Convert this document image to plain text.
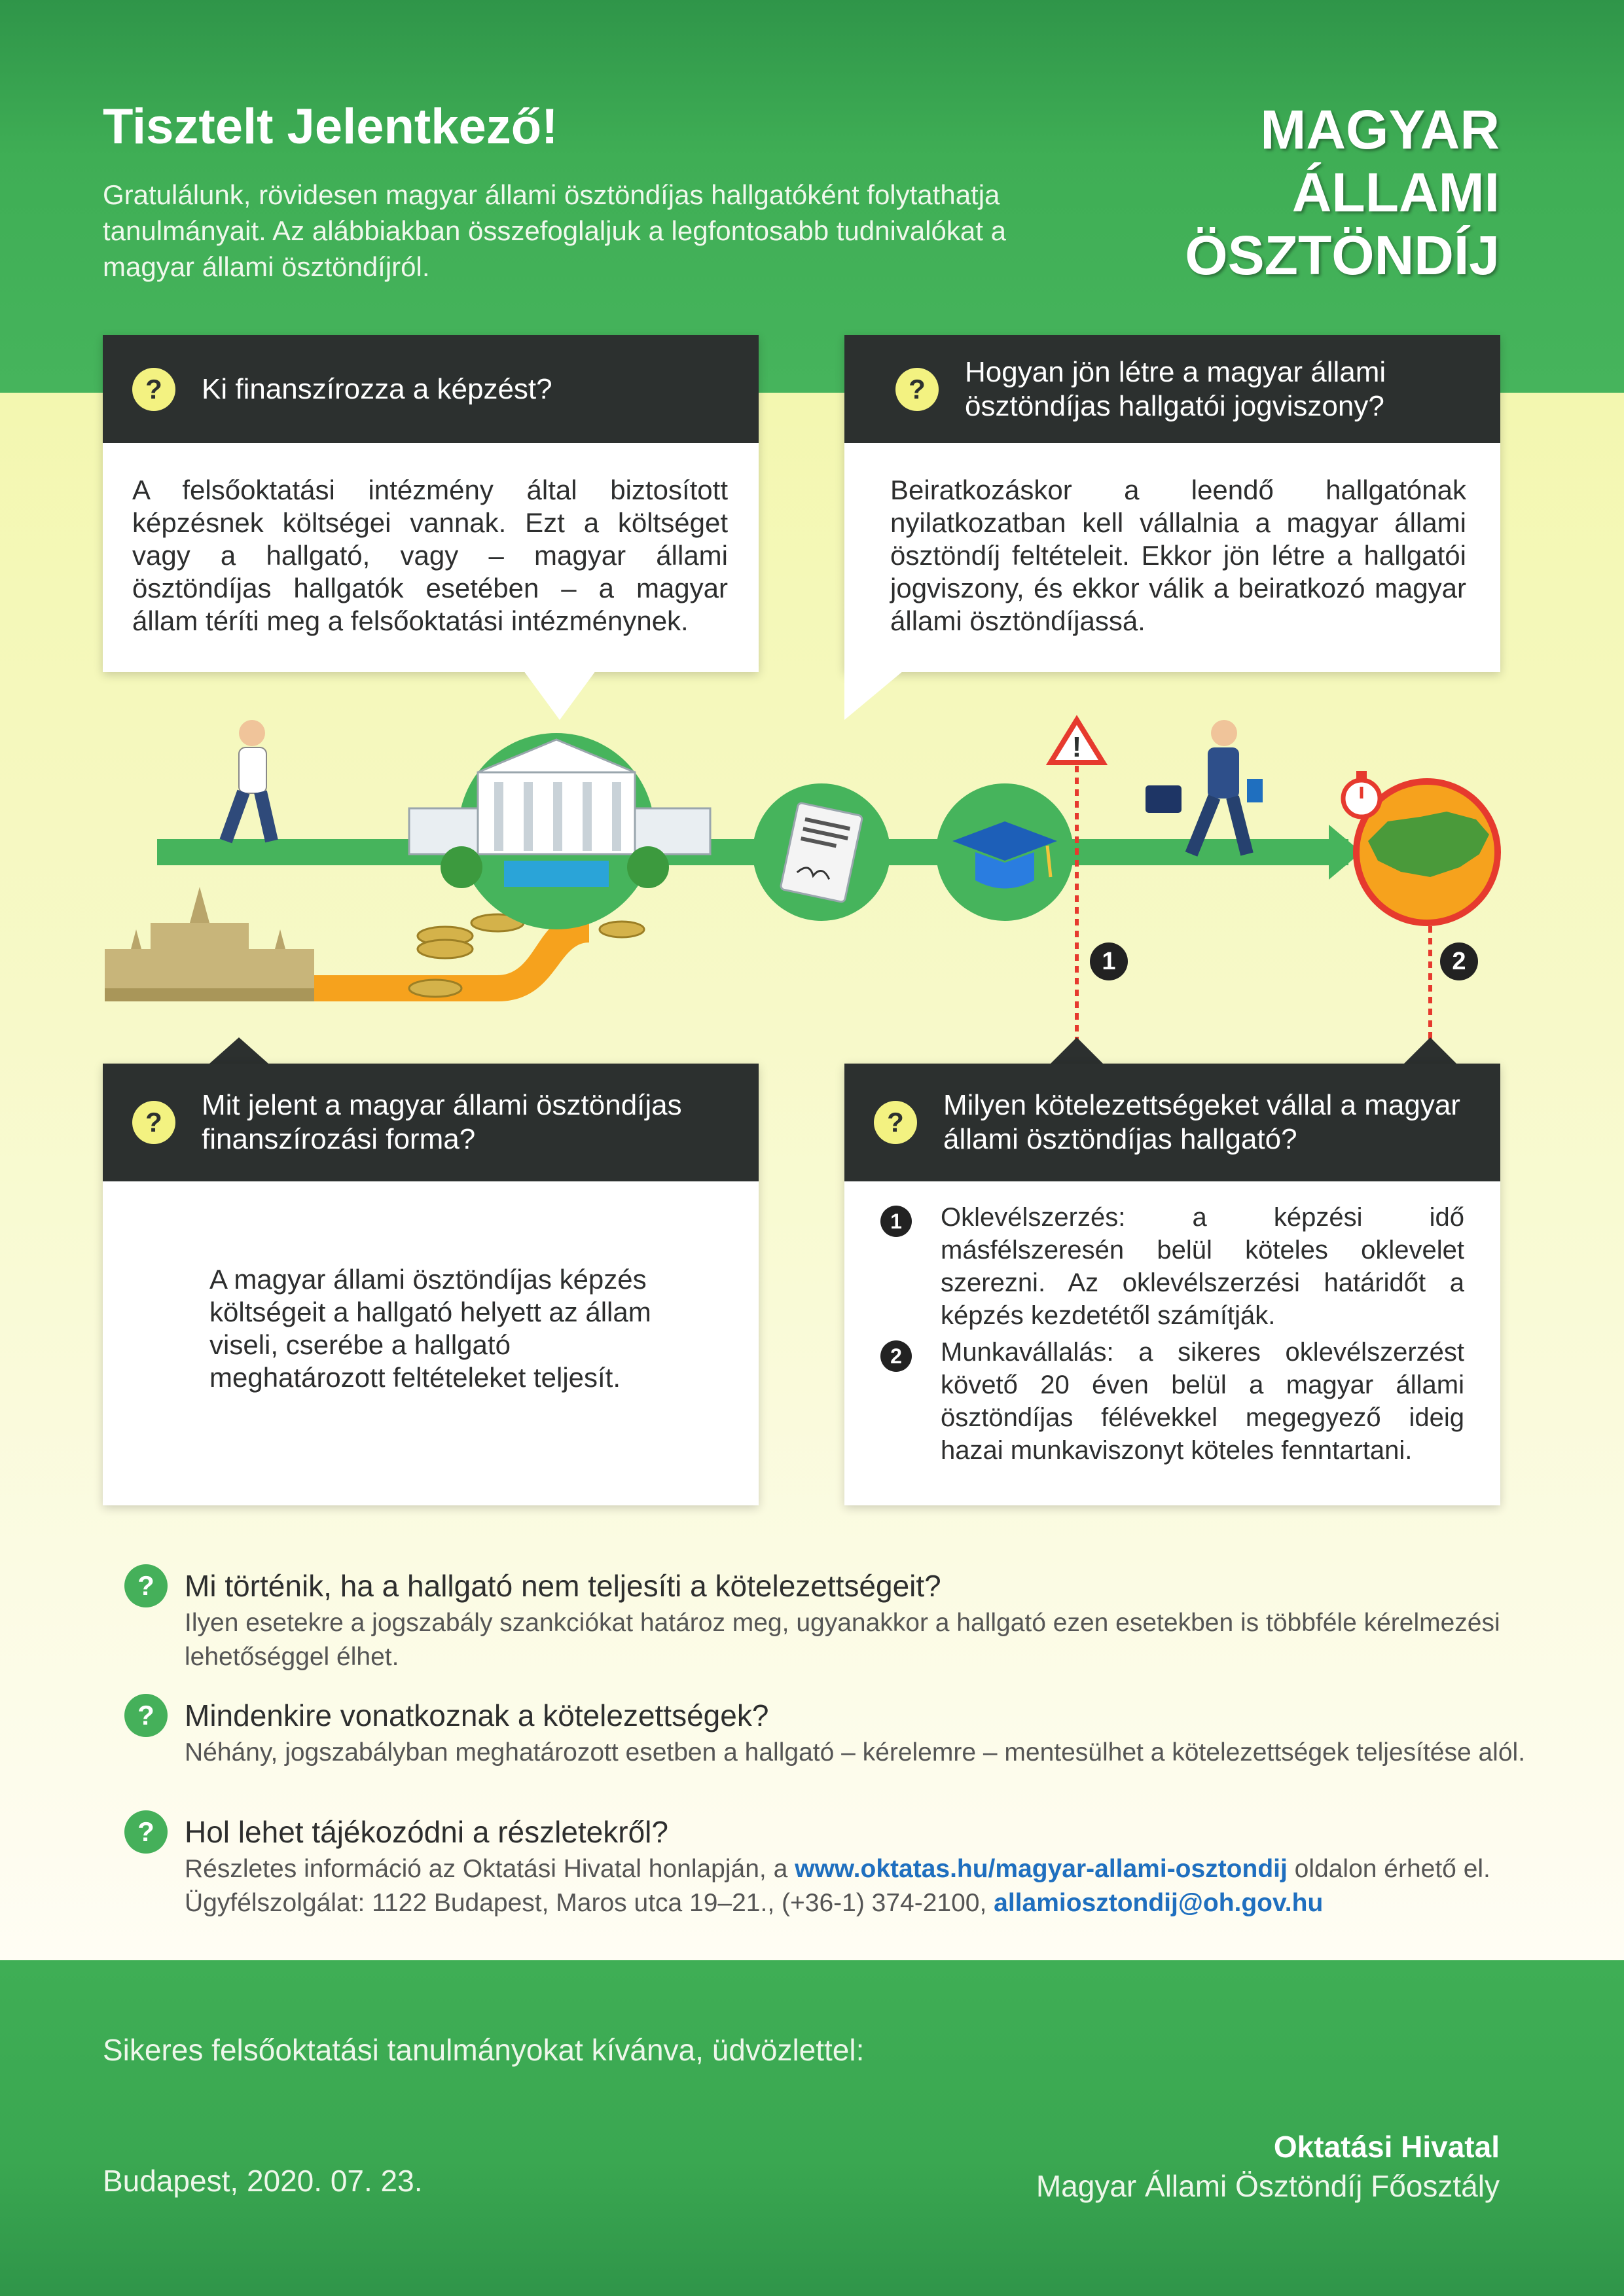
Tisztelt Jelentkező!
Gratulálunk, rövidesen magyar állami ösztöndíjas hallgatóként folytathatja tanulmányait. Az alábbiakban összefoglaljuk a legfontosabb tudnivalókat a magyar állami ösztöndíjról.
MAGYAR
ÁLLAMI
ÖSZTÖNDÍJ
?	Ki finanszírozza a képzést?
A felsőoktatási intézmény által biztosított képzésnek költségei vannak. Ezt a költséget vagy a hallgató, vagy – magyar állami ösztöndíjas hallgatók esetében – a magyar állam téríti meg a felsőoktatási intézménynek.
?
Hogyan jön létre a magyar állami ösztöndíjas hallgatói jogviszony?
Beiratkozáskor a leendő hallgatónak nyilatkozatban kell vállalnia a magyar állami ösztöndíj feltételeit. Ekkor jön létre a hallgatói jogviszony, és ekkor válik a beiratkozó magyar állami ösztöndíjassá.
!
1	2
?
Mit jelent a magyar állami ösztöndíjas finanszírozási forma?
A magyar állami ösztöndíjas képzés költségeit a hallgató helyett az állam viseli, cserébe a hallgató meghatározott feltételeket teljesít.
?
Milyen kötelezettségeket vállal a magyar állami ösztöndíjas hallgató?
1	Oklevélszerzés: a képzési idő másfélszeresén belül köteles oklevelet szerezni. Az oklevélszerzési határidőt a képzés kezdetétől számítják.
2	Munkavállalás: a sikeres oklevélszerzést követő 20 éven belül a magyar állami ösztöndíjas félévekkel megegyező ideig hazai munkaviszonyt köteles fenntartani.
?	Mi történik, ha a hallgató nem teljesíti a kötelezettségeit?
Ilyen esetekre a jogszabály szankciókat határoz meg, ugyanakkor a hallgató ezen esetekben is többféle kérelmezési lehetőséggel élhet.
?	Mindenkire vonatkoznak a kötelezettségek?
Néhány, jogszabályban meghatározott esetben a hallgató – kérelemre – mentesülhet a kötelezettségek teljesítése alól.
?	Hol lehet tájékozódni a részletekről?
Részletes információ az Oktatási Hivatal honlapján, a www.oktatas.hu/magyar-allami-osztondij oldalon érhető el.
Ügyfélszolgálat: 1122 Budapest, Maros utca 19–21., (+36-1) 374-2100, allamiosztondij@oh.gov.hu
Sikeres felsőoktatási tanulmányokat kívánva, üdvözlettel:
Budapest, 2020. 07. 23.
Oktatási Hivatal
Magyar Állami Ösztöndíj Főosztály
